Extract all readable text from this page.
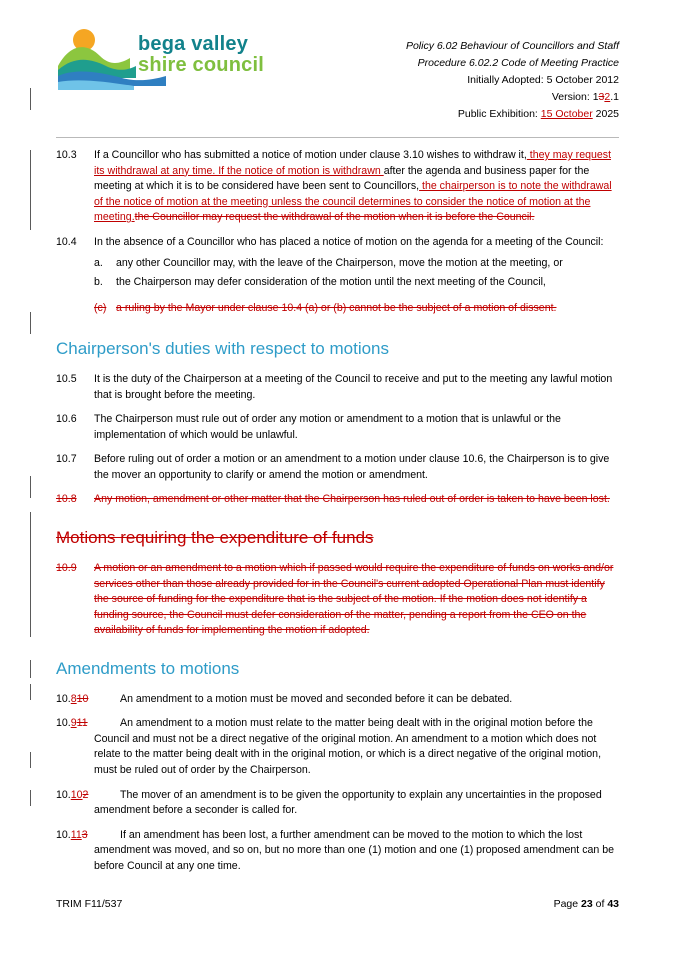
bega valley
shire council
Policy 6.02 Behaviour of Councillors and Staff
Procedure 6.02.2 Code of Meeting Practice
Initially Adopted: 5 October 2012
Version: 132.1
Public Exhibition: 15 October 2025
10.3	If a Councillor who has submitted a notice of motion under clause 3.10 wishes to withdraw it, they may request its withdrawal at any time. If the notice of motion is withdrawn after the agenda and business paper for the meeting at which it is to be considered have been sent to Councillors, the chairperson is to note the withdrawal of the notice of motion at the meeting unless the council determines to consider the notice of motion at the meeting.the Councillor may request the withdrawal of the motion when it is before the Council.
10.4	In the absence of a Councillor who has placed a notice of motion on the agenda for a meeting of the Council:
a.	any other Councillor may, with the leave of the Chairperson, move the motion at the meeting, or
b.	the Chairperson may defer consideration of the motion until the next meeting of the Council,
(c) a ruling by the Mayor under clause 10.4 (a) or (b) cannot be the subject of a motion of dissent.
Chairperson's duties with respect to motions
10.5	It is the duty of the Chairperson at a meeting of the Council to receive and put to the meeting any lawful motion that is brought before the meeting.
10.6	The Chairperson must rule out of order any motion or amendment to a motion that is unlawful or the implementation of which would be unlawful.
10.7	Before ruling out of order a motion or an amendment to a motion under clause 10.6, the Chairperson is to give the mover an opportunity to clarify or amend the motion or amendment.
10.8	Any motion, amendment or other matter that the Chairperson has ruled out of order is taken to have been lost.
Motions requiring the expenditure of funds
10.9	A motion or an amendment to a motion which if passed would require the expenditure of funds on works and/or services other than those already provided for in the Council's current adopted Operational Plan must identify the source of funding for the expenditure that is the subject of the motion. If the motion does not identify a funding source, the Council must defer consideration of the matter, pending a report from the CEO on the availability of funds for implementing the motion if adopted.
Amendments to motions
10.810	An amendment to a motion must be moved and seconded before it can be debated.
10.911	An amendment to a motion must relate to the matter being dealt with in the original motion before the Council and must not be a direct negative of the original motion. An amendment to a motion which does not relate to the matter being dealt with in the original motion, or which is a direct negative of the original motion, must be ruled out of order by the Chairperson.
10.102	The mover of an amendment is to be given the opportunity to explain any uncertainties in the proposed amendment before a seconder is called for.
10.113	If an amendment has been lost, a further amendment can be moved to the motion to which the lost amendment was moved, and so on, but no more than one (1) motion and one (1) proposed amendment can be before Council at any one time.
TRIM F11/537	Page 23 of 43
